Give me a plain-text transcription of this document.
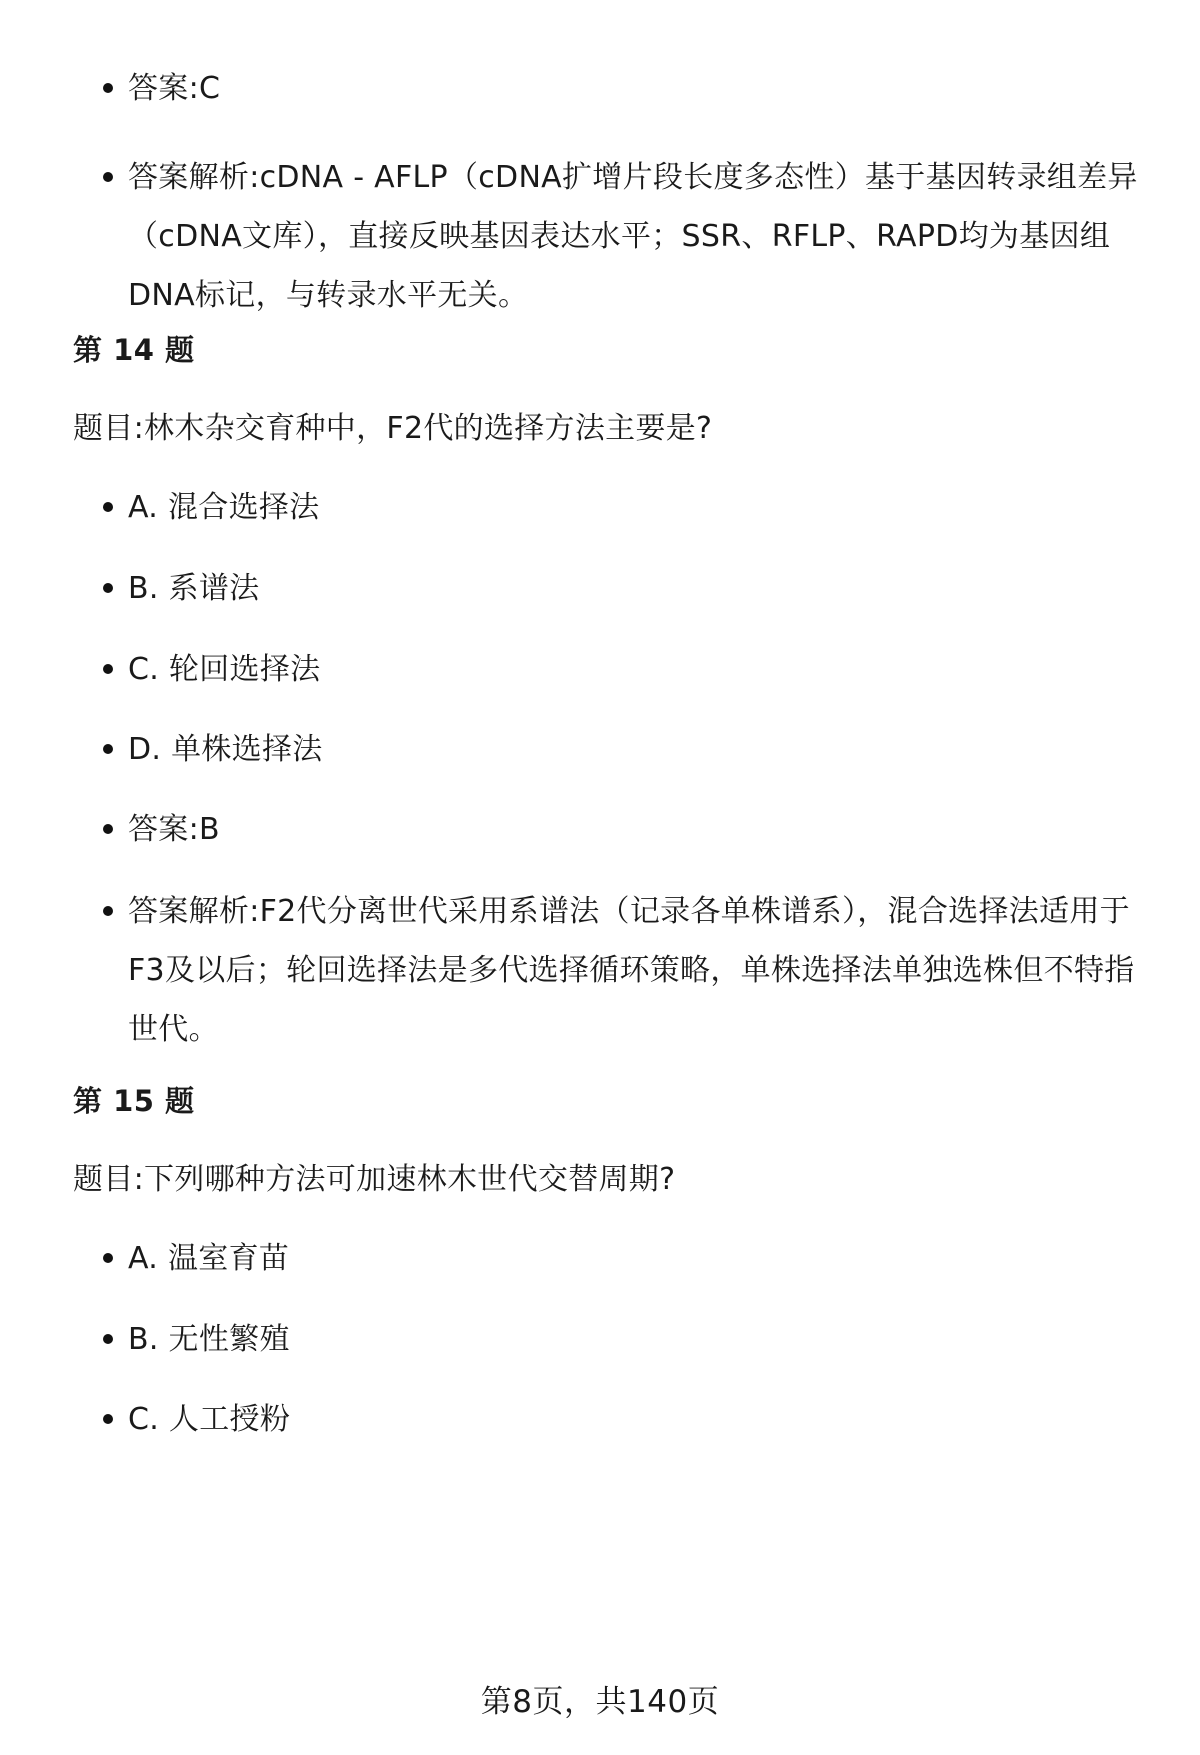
答案:C
答案解析:cDNA - AFLP（cDNA扩增片段长度多态性）基于基因转录组差异（cDNA文库），直接反映基因表达水平；SSR、RFLP、RAPD均为基因组DNA标记，与转录水平无关。
第 14 题
题目:林木杂交育种中，F2代的选择方法主要是?
A. 混合选择法
B. 系谱法
C. 轮回选择法
D. 单株选择法
答案:B
答案解析:F2代分离世代采用系谱法（记录各单株谱系），混合选择法适用于F3及以后；轮回选择法是多代选择循环策略，单株选择法单独选株但不特指世代。
第 15 题
题目:下列哪种方法可加速林木世代交替周期?
A. 温室育苗
B. 无性繁殖
C. 人工授粉
第8页，共140页
